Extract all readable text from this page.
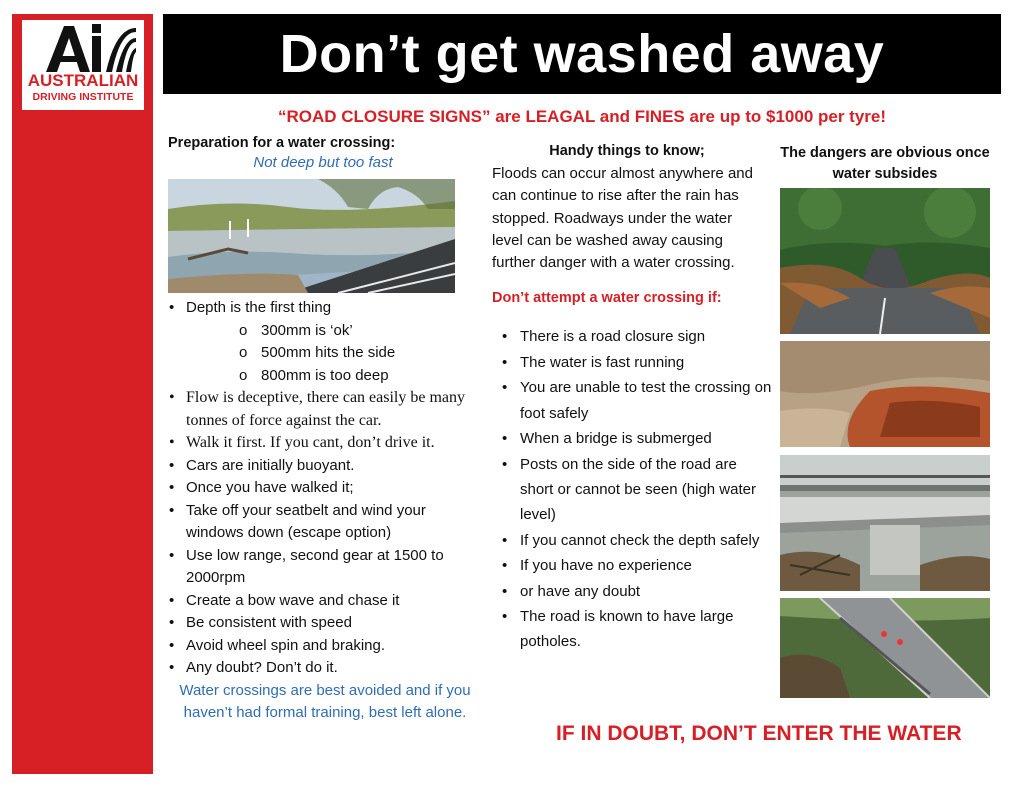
AUSTRALIAN
DRIVING INSTITUTE
Don’t get washed away
“ROAD CLOSURE SIGNS” are LEAGAL and FINES are up to $1000 per tyre!
Preparation for a water crossing:
Not deep but too fast
• Depth is the first thing
o 300mm is ‘ok’
o 500mm hits the side
o 800mm is too deep
• Flow is deceptive, there can easily be many tonnes of force against the car.
• Walk it first. If you cant, don’t drive it.
• Cars are initially buoyant.
• Once you have walked it;
• Take off your seatbelt and wind your windows down (escape option)
• Use low range, second gear at 1500 to 2000rpm
• Create a bow wave and chase it
• Be consistent with speed
• Avoid wheel spin and braking.
• Any doubt? Don’t do it.
Water crossings are best avoided and if you haven’t had formal training, best left alone.
Handy things to know;
Floods can occur almost anywhere and can continue to rise after the rain has stopped. Roadways under the water level can be washed away causing further danger with a water crossing.
Don’t attempt a water crossing if:
• There is a road closure sign
• The water is fast running
• You are unable to test the crossing on foot safely
• When a bridge is submerged
• Posts on the side of the road are short or cannot be seen (high water level)
• If you cannot check the depth safely
• If you have no experience
• or have any doubt
• The road is known to have large potholes.
IF IN DOUBT, DON’T ENTER THE WATER
The dangers are obvious once water subsides
